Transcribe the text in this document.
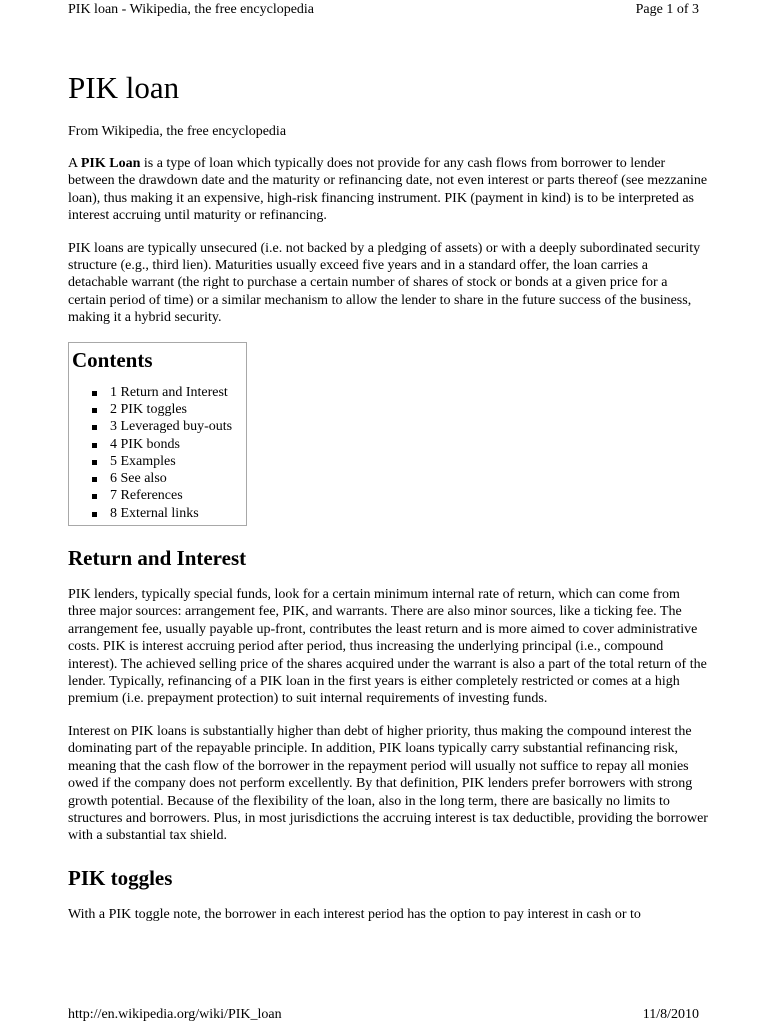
PIK loan - Wikipedia, the free encyclopedia	Page 1 of 3
PIK loan
From Wikipedia, the free encyclopedia

A PIK Loan is a type of loan which typically does not provide for any cash flows from borrower to lender between the drawdown date and the maturity or refinancing date, not even interest or parts thereof (see mezzanine loan), thus making it an expensive, high-risk financing instrument. PIK (payment in kind) is to be interpreted as interest accruing until maturity or refinancing.

PIK loans are typically unsecured (i.e. not backed by a pledging of assets) or with a deeply subordinated security structure (e.g., third lien). Maturities usually exceed five years and in a standard offer, the loan carries a detachable warrant (the right to purchase a certain number of shares of stock or bonds at a given price for a certain period of time) or a similar mechanism to allow the lender to share in the future success of the business, making it a hybrid security.

Contents
1 Return and Interest
2 PIK toggles
3 Leveraged buy-outs
4 PIK bonds
5 Examples
6 See also
7 References
8 External links
Return and Interest

PIK lenders, typically special funds, look for a certain minimum internal rate of return, which can come from three major sources: arrangement fee, PIK, and warrants. There are also minor sources, like a ticking fee. The arrangement fee, usually payable up-front, contributes the least return and is more aimed to cover administrative costs. PIK is interest accruing period after period, thus increasing the underlying principal (i.e., compound interest). The achieved selling price of the shares acquired under the warrant is also a part of the total return of the lender. Typically, refinancing of a PIK loan in the first years is either completely restricted or comes at a high premium (i.e. prepayment protection) to suit internal requirements of investing funds.

Interest on PIK loans is substantially higher than debt of higher priority, thus making the compound interest the dominating part of the repayable principle. In addition, PIK loans typically carry substantial refinancing risk, meaning that the cash flow of the borrower in the repayment period will usually not suffice to repay all monies owed if the company does not perform excellently. By that definition, PIK lenders prefer borrowers with strong growth potential. Because of the flexibility of the loan, also in the long term, there are basically no limits to structures and borrowers. Plus, in most jurisdictions the accruing interest is tax deductible, providing the borrower with a substantial tax shield.

PIK toggles

With a PIK toggle note, the borrower in each interest period has the option to pay interest in cash or to

http://en.wikipedia.org/wiki/PIK_loan	11/8/2010
